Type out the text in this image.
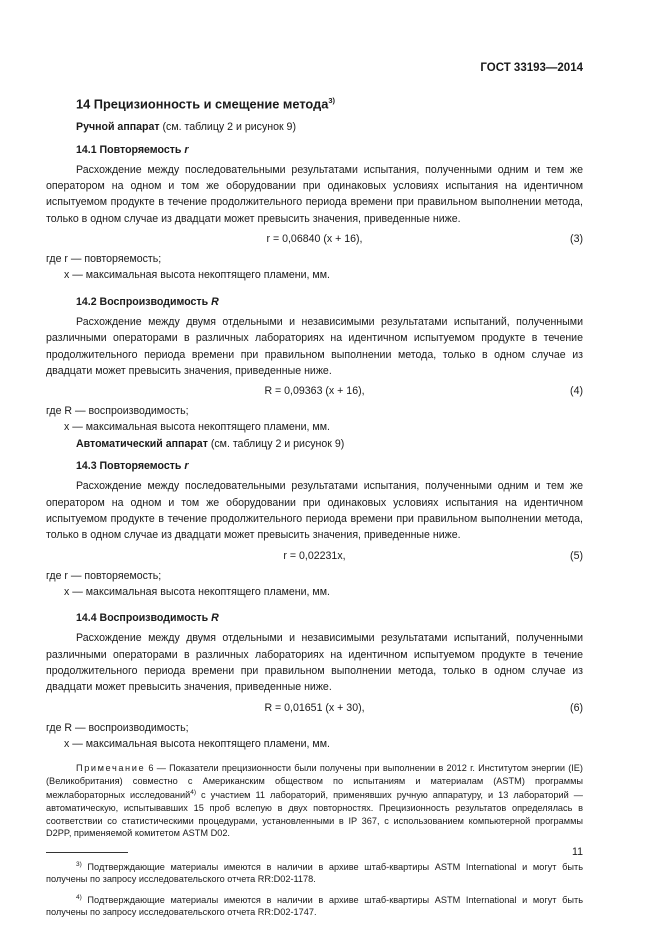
ГОСТ 33193—2014
14 Прецизионность и смещение метода$^{3)}$
Ручной аппарат (см. таблицу 2 и рисунок 9)
14.1 Повторяемость r

Расхождение между последовательными результатами испытания, полученными одним и тем же оператором на одном и том же оборудовании при одинаковых условиях испытания на идентичном испытуемом продукте в течение продолжительного периода времени при правильном выполнении метода, только в одном случае из двадцати может превысить значения, приведенные ниже.

r = 0,06840 (x + 16),	(3)

где r — повторяемость;

x — максимальная высота некоптящего пламени, мм.

14.2 Воспроизводимость R

Расхождение между двумя отдельными и независимыми результатами испытаний, полученными различными операторами в различных лабораториях на идентичном испытуемом продукте в течение продолжительного периода времени при правильном выполнении метода, только в одном случае из двадцати может превысить значения, приведенные ниже.

R = 0,09363 (x + 16),	(4)

где R — воспроизводимость;

x — максимальная высота некоптящего пламени, мм.

Автоматический аппарат (см. таблицу 2 и рисунок 9)
14.3 Повторяемость r

Расхождение между последовательными результатами испытания, полученными одним и тем же оператором на одном и том же оборудовании при одинаковых условиях испытания на идентичном испытуемом продукте в течение продолжительного периода времени при правильном выполнении метода, только в одном случае из двадцати может превысить значения, приведенные ниже.

r = 0,02231x,	(5)

где r — повторяемость;

x — максимальная высота некоптящего пламени, мм.

14.4 Воспроизводимость R

Расхождение между двумя отдельными и независимыми результатами испытаний, полученными различными операторами в различных лабораториях на идентичном испытуемом продукте в течение продолжительного периода времени при правильном выполнении метода, только в одном случае из двадцати может превысить значения, приведенные ниже.

R = 0,01651 (x + 30),	(6)

где R — воспроизводимость;

x — максимальная высота некоптящего пламени, мм.

Примечание 6 — Показатели прецизионности были получены при выполнении в 2012 г. Институтом энергии (IE) (Великобритания) совместно с Американским обществом по испытаниям и материалам (ASTM) программы межлабораторных исследований$^{4)}$ с участием 11 лабораторий, применявших ручную аппаратуру, и 13 лабораторий — автоматическую, испытывавших 15 проб вслепую в двух повторностях. Прецизионность результатов определялась в соответствии со статистическими процедурами, установленными в IP 367, с использованием компьютерной программы D2PP, применяемой комитетом ASTM D02.

$^{3)}$ Подтверждающие материалы имеются в наличии в архиве штаб-квартиры ASTM International и могут быть получены по запросу исследовательского отчета RR:D02-1178.

$^{4)}$ Подтверждающие материалы имеются в наличии в архиве штаб-квартиры ASTM International и могут быть получены по запросу исследовательского отчета RR:D02-1747.

11
